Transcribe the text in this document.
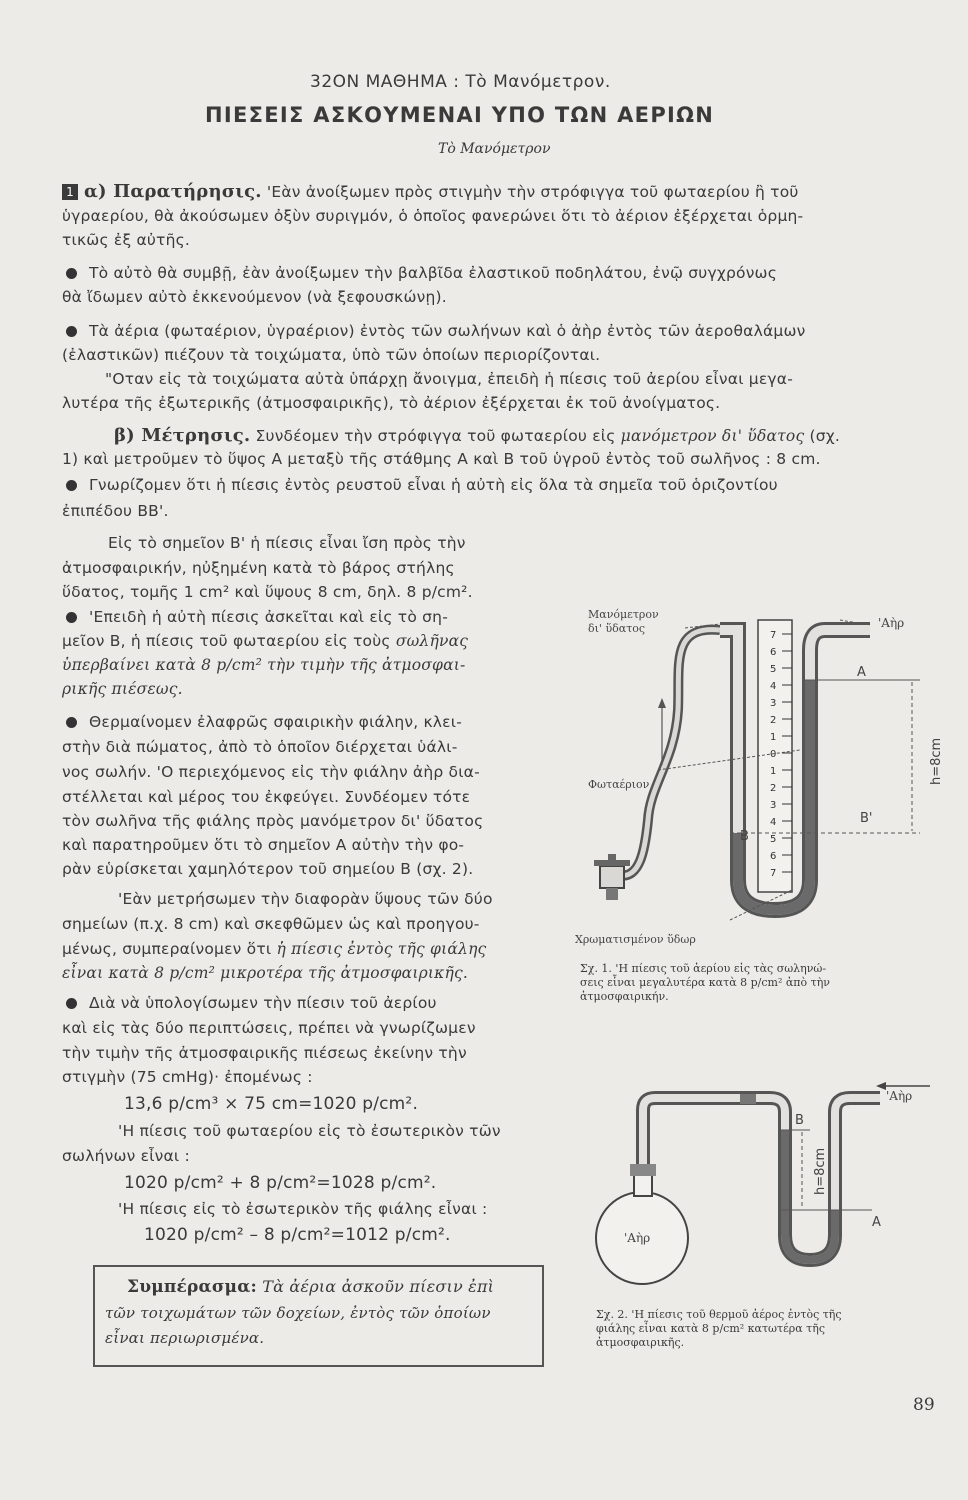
32ΟΝ ΜΑΘΗΜΑ : Τὸ Μανόμετρον.
ΠΙΕΣΕΙΣ ΑΣΚΟΥΜΕΝΑΙ ΥΠΟ ΤΩΝ ΑΕΡΙΩΝ
Τὸ Μανόμετρον

1 α) Παρατήρησις. 'Εὰν ἀνοίξωμεν πρὸς στιγμὴν τὴν στρόφιγγα τοῦ φωταερίου ἢ τοῦ

ὑγραερίου, θὰ ἀκούσωμεν ὀξὺν συριγμόν, ὁ ὁποῖος φανερώνει ὅτι τὸ ἀέριον ἐξέρχεται ὁρμη-

τικῶς ἐξ αὐτῆς.

Τὸ αὐτὸ θὰ συμβῇ, ἐὰν ἀνοίξωμεν τὴν βαλβῖδα ἐλαστικοῦ ποδηλάτου, ἐνῷ συγχρόνως

θὰ ἴδωμεν αὐτὸ ἐκκενούμενον (νὰ ξεφουσκώνῃ).

Τὰ ἀέρια (φωταέριον, ὑγραέριον) ἐντὸς τῶν σωλήνων καὶ ὁ ἀὴρ ἐντὸς τῶν ἀεροθαλάμων

(ἐλαστικῶν) πιέζουν τὰ τοιχώματα, ὑπὸ τῶν ὁποίων περιορίζονται.

"Οταν εἰς τὰ τοιχώματα αὐτὰ ὑπάρχῃ ἄνοιγμα, ἐπειδὴ ἡ πίεσις τοῦ ἀερίου εἶναι μεγα-

λυτέρα τῆς ἐξωτερικῆς (ἀτμοσφαιρικῆς), τὸ ἀέριον ἐξέρχεται ἐκ τοῦ ἀνοίγματος.

β) Μέτρησις. Συνδέομεν τὴν στρόφιγγα τοῦ φωταερίου εἰς μανόμετρον δι' ὕδατος (σχ.

1) καὶ μετροῦμεν τὸ ὕψος Α μεταξὺ τῆς στάθμης Α καὶ Β τοῦ ὑγροῦ ἐντὸς τοῦ σωλῆνος : 8 cm.

Γνωρίζομεν ὅτι ἡ πίεσις ἐντὸς ρευστοῦ εἶναι ἡ αὐτὴ εἰς ὅλα τὰ σημεῖα τοῦ ὁριζοντίου

ἐπιπέδου ΒΒ'.

Εἰς τὸ σημεῖον Β' ἡ πίεσις εἶναι ἴση πρὸς τὴν

ἀτμοσφαιρικήν, ηὐξημένη κατὰ τὸ βάρος στήλης

ὕδατος, τομῆς 1 cm² καὶ ὕψους 8 cm, δηλ. 8 p/cm².

'Επειδὴ ἡ αὐτὴ πίεσις ἀσκεῖται καὶ εἰς τὸ ση-

μεῖον Β, ἡ πίεσις τοῦ φωταερίου εἰς τοὺς σωλῆνας

ὑπερβαίνει κατὰ 8 p/cm² τὴν τιμὴν τῆς ἀτμοσφαι-

ρικῆς πιέσεως.

Θερμαίνομεν ἐλαφρῶς σφαιρικὴν φιάλην, κλει-

στὴν διὰ πώματος, ἀπὸ τὸ ὁποῖον διέρχεται ὑάλι-

νος σωλήν. 'Ο περιεχόμενος εἰς τὴν φιάλην ἀὴρ δια-

στέλλεται καὶ μέρος του ἐκφεύγει. Συνδέομεν τότε

τὸν σωλῆνα τῆς φιάλης πρὸς μανόμετρον δι' ὕδατος

καὶ παρατηροῦμεν ὅτι τὸ σημεῖον Α αὐτὴν τὴν φο-

ρὰν εὑρίσκεται χαμηλότερον τοῦ σημείου Β (σχ. 2).

'Εὰν μετρήσωμεν τὴν διαφορὰν ὕψους τῶν δύο

σημείων (π.χ. 8 cm) καὶ σκεφθῶμεν ὡς καὶ προηγου-

μένως, συμπεραίνομεν ὅτι ἡ πίεσις ἐντὸς τῆς φιάλης

εἶναι κατὰ 8 p/cm² μικροτέρα τῆς ἀτμοσφαιρικῆς.

Διὰ νὰ ὑπολογίσωμεν τὴν πίεσιν τοῦ ἀερίου

καὶ εἰς τὰς δύο περιπτώσεις, πρέπει νὰ γνωρίζωμεν

τὴν τιμὴν τῆς ἀτμοσφαιρικῆς πιέσεως ἐκείνην τὴν

στιγμὴν (75 cmHg)· ἐπομένως :

13,6 p/cm³ × 75 cm=1020 p/cm².

'Η πίεσις τοῦ φωταερίου εἰς τὸ ἐσωτερικὸν τῶν

σωλήνων εἶναι :

1020 p/cm² + 8 p/cm²=1028 p/cm².

'Η πίεσις εἰς τὸ ἐσωτερικὸν τῆς φιάλης εἶναι :

1020 p/cm² – 8 p/cm²=1012 p/cm².

Συμπέρασμα: Τὰ ἀέρια ἀσκοῦν πίεσιν ἐπὶ

τῶν τοιχωμάτων τῶν δοχείων, ἐντὸς τῶν ὁποίων

εἶναι περιωρισμένα.

7
6
5
4
3
2
1
0
1
2
3
4
5
6
7
Μανόμετρον
δι' ὕδατος	'Αὴρ
Φωταέριον
Χρωματισμένον ὕδωρ
A
B
B'
h=8cm
Σχ. 1. 'Η πίεσις τοῦ ἀερίου εἰς τὰς σωληνώ-
σεις εἶναι μεγαλυτέρα κατὰ 8 p/cm² ἀπὸ τὴν
ἀτμοσφαιρικήν.
'Αὴρ
'Αὴρ
B
A
h=8cm
Σχ. 2. 'Η πίεσις τοῦ θερμοῦ ἀέρος ἐντὸς τῆς
φιάλης εἶναι κατὰ 8 p/cm² κατωτέρα τῆς
ἀτμοσφαιρικῆς.
89
